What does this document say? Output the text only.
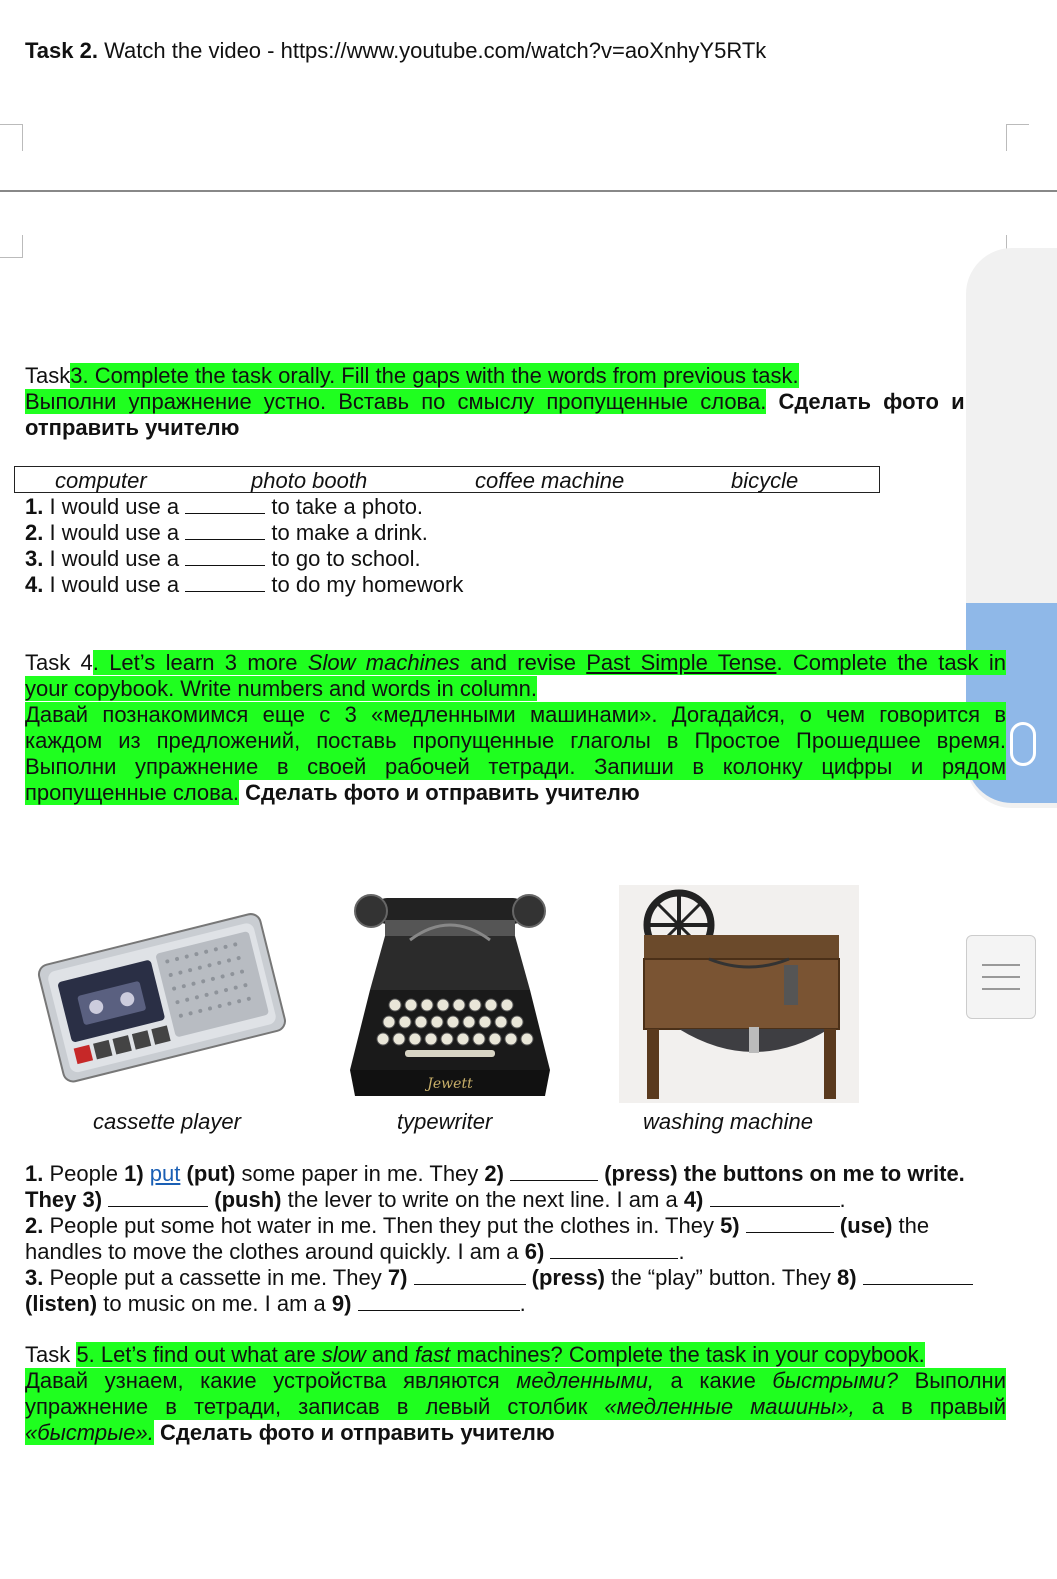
Task 2. Watch the video - https://www.youtube.com/watch?v=aoXnhyY5RTk
Task3. Complete the task orally. Fill the gaps with the words from previous task.
Выполни упражнение устно. Вставь по смыслу пропущенные слова. Сделать фото и
отправить учителю
computer	photo booth	coffee machine	bicycle
1. I would use a	to take a photo.
2. I would use a	to make a drink.
3. I would use a	to go to school.
4. I would use a	to do my homework
Task 4. Let’s learn 3 more Slow machines and revise Past Simple Tense. Complete the task in
your copybook. Write numbers and words in column.
Давай познакомимся еще с 3 «медленными машинами». Догадайся, о чем говорится в
каждом из предложений, поставь пропущенные глаголы в Простое Прошедшее время.
Выполни упражнение в своей рабочей тетради. Запиши в колонку цифры и рядом
пропущенные слова. Сделать фото и отправить учителю
Jewett
cassette player	typewriter	washing machine
1. People 1) put (put) some paper in me. They 2)	(press) the buttons on me to write.
They 3)	(push) the lever to write on the next line. I am a 4)	.
2. People put some hot water in me. Then they put the clothes in. They 5)	(use) the
handles to move the clothes around quickly. I am a 6)	.
3. People put a cassette in me. They 7)	(press) the “play” button. They 8)
(listen) to music on me. I am a 9)	.
Task 5. Let’s find out what are slow and fast machines? Complete the task in your copybook.
Давай узнаем, какие устройства являются медленными, а какие быстрыми? Выполни
упражнение в тетради, записав в левый столбик «медленные машины», а в правый
«быстрые». Сделать фото и отправить учителю
